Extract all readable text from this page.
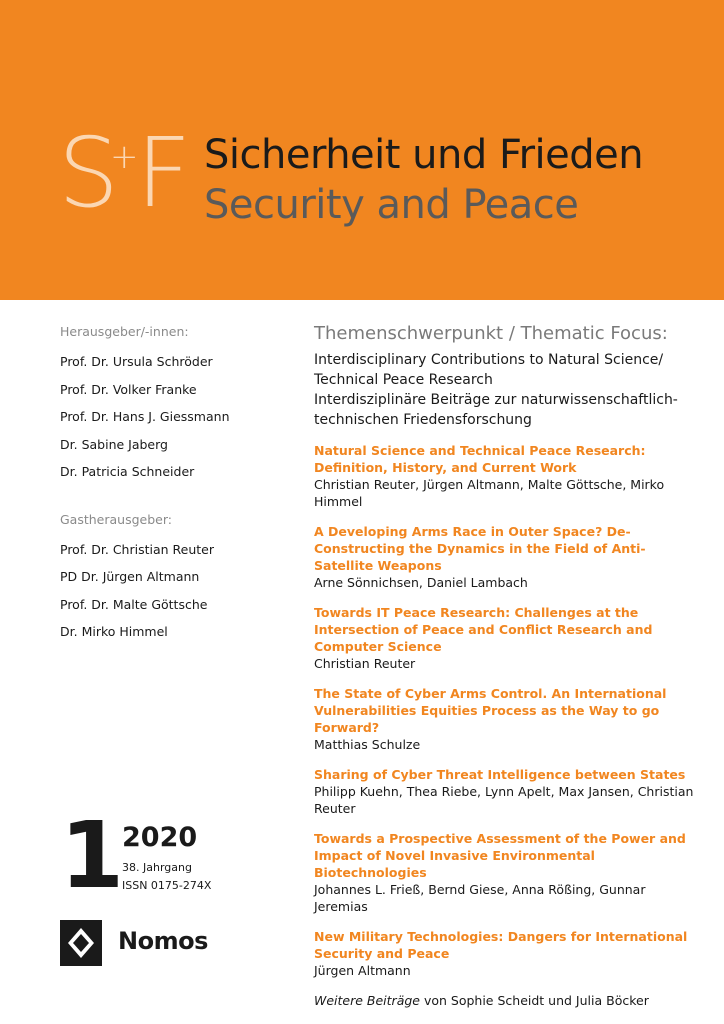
S
+
F Sicherheit und Frieden
Security and Peace
Herausgeber/-innen:
Prof. Dr. Ursula Schröder
Prof. Dr. Volker Franke
Prof. Dr. Hans J. Giessmann
Dr. Sabine Jaberg
Dr. Patricia Schneider
Gastherausgeber:
Prof. Dr. Christian Reuter
PD Dr. Jürgen Altmann
Prof. Dr. Malte Göttsche
Dr. Mirko Himmel
1
2020
38. Jahrgang
ISSN 0175-274X
Nomos
Themenschwerpunkt / Thematic Focus:
Interdisciplinary Contributions to Natural Science/
Technical Peace Research
Interdisziplinäre Beiträge zur naturwissenschaftlich-
technischen Friedensforschung
Natural Science and Technical Peace Research: Definition, History, and Current Work
Christian Reuter, Jürgen Altmann, Malte Göttsche, Mirko Himmel
A Developing Arms Race in Outer Space? De-Constructing the Dynamics in the Field of Anti-Satellite Weapons
Arne Sönnichsen, Daniel Lambach
Towards IT Peace Research: Challenges at the Intersection of Peace and Conflict Research and Computer Science
Christian Reuter
The State of Cyber Arms Control. An International Vulnerabilities Equities Process as the Way to go Forward?
Matthias Schulze
Sharing of Cyber Threat Intelligence between States
Philipp Kuehn, Thea Riebe, Lynn Apelt, Max Jansen, Christian Reuter
Towards a Prospective Assessment of the Power and Impact of Novel Invasive Environmental Biotechnologies
Johannes L. Frieß, Bernd Giese, Anna Rößing, Gunnar Jeremias
New Military Technologies: Dangers for International Security and Peace
Jürgen Altmann
Weitere Beiträge von Sophie Scheidt und Julia Böcker
